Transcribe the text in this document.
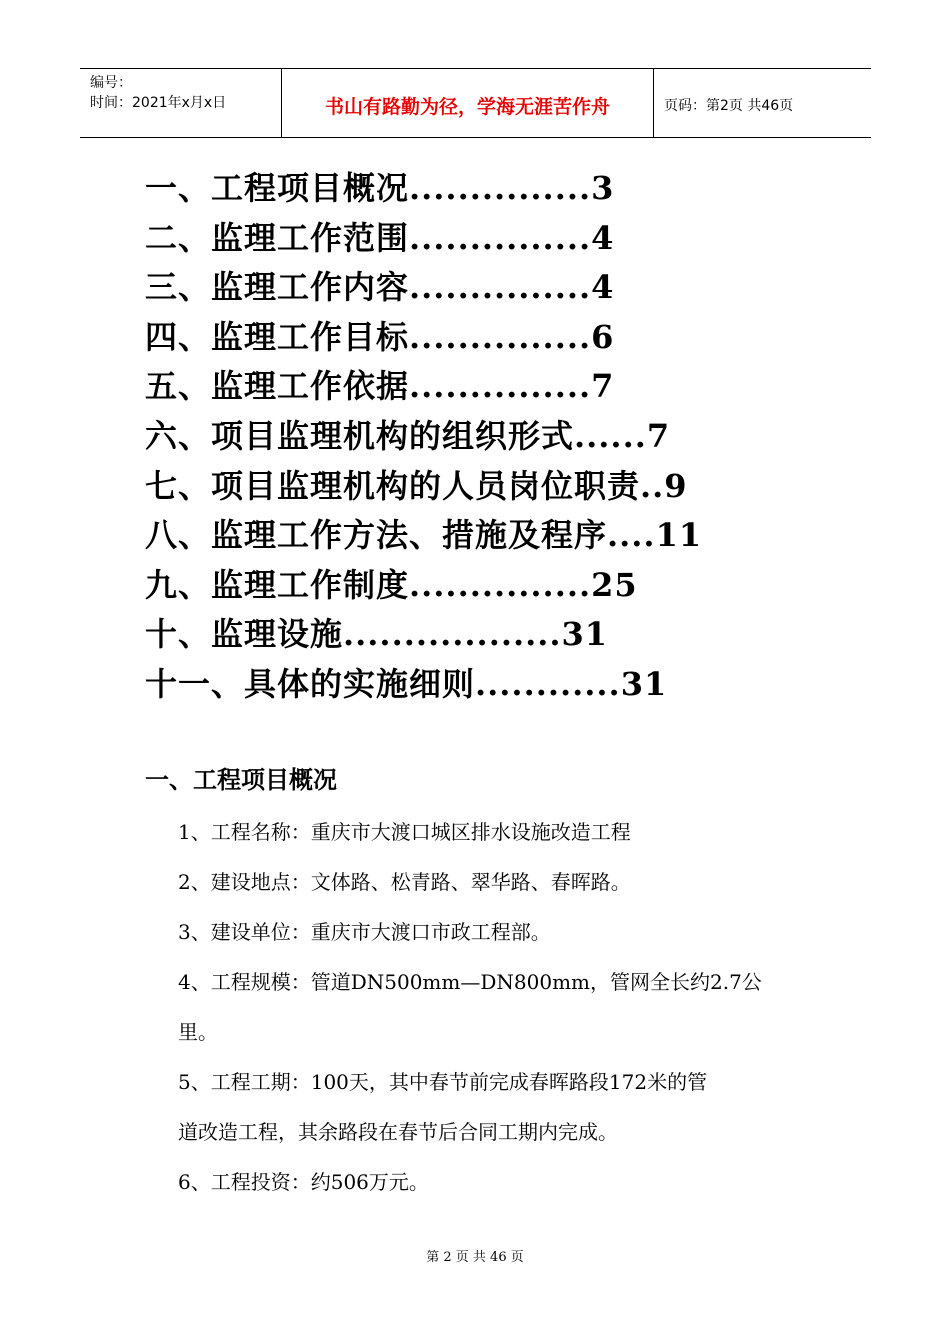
编号：
时间：2021年x月x日	书山有路勤为径，学海无涯苦作舟	页码：第2页 共46页
一、工程项目概况...............3
二、监理工作范围...............4
三、监理工作内容...............4
四、监理工作目标...............6
五、监理工作依据...............7
六、项目监理机构的组织形式......7
七、项目监理机构的人员岗位职责..9
八、监理工作方法、措施及程序....11
九、监理工作制度...............25
十、监理设施..................31
十一、具体的实施细则............31
一、工程项目概况

1、工程名称：重庆市大渡口城区排水设施改造工程

2、建设地点：文体路、松青路、翠华路、春晖路。

3、建设单位：重庆市大渡口市政工程部。

4、工程规模：管道DN500mm—DN800mm，管网全长约2.7公

里。

5、工程工期：100天，其中春节前完成春晖路段172米的管

道改造工程，其余路段在春节后合同工期内完成。

6、工程投资：约506万元。

第 2 页 共 46 页
